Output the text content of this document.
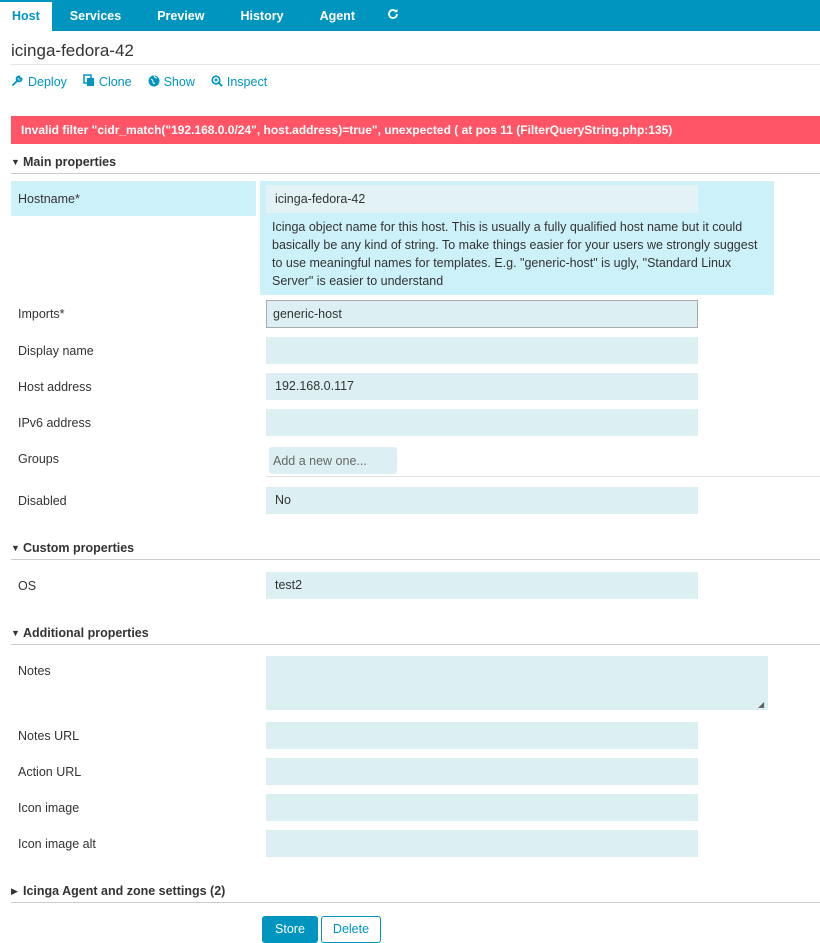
Host	Services	Preview	History	Agent
icinga-fedora-42
Deploy	Clone	Show	Inspect
Invalid filter "cidr_match("192.168.0.0/24", host.address)=true", unexpected ( at pos 11 (FilterQueryString.php:135)
▼ Main properties
Hostname*	icinga-fedora-42
Icinga object name for this host. This is usually a fully qualified host name but it could basically be any kind of string. To make things easier for your users we strongly suggest to use meaningful names for templates. E.g. "generic-host" is ugly, "Standard Linux Server" is easier to understand
Imports*	generic-host
Display name
Host address	192.168.0.117
IPv6 address
Groups	Add a new one...
Disabled	No
▼ Custom properties
OS	test2
▼ Additional properties
Notes
◢
Notes URL
Action URL
Icon image
Icon image alt
▶ Icinga Agent and zone settings (2)
Store	Delete
